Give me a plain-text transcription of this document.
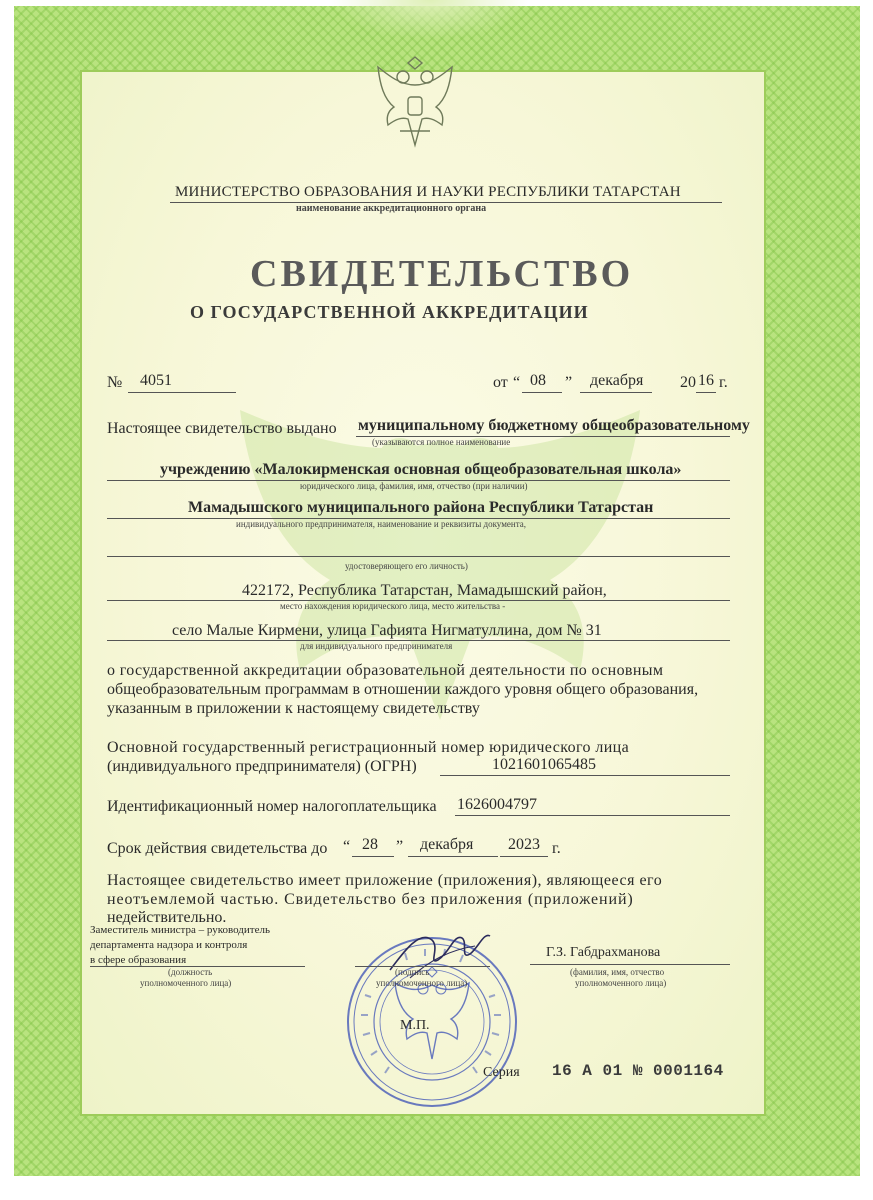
МИНИСТЕРСТВО ОБРАЗОВАНИЯ И НАУКИ РЕСПУБЛИКИ ТАТАРСТАН
наименование аккредитационного органа
СВИДЕТЕЛЬСТВО
О ГОСУДАРСТВЕННОЙ АККРЕДИТАЦИИ
№ 4051	от “ 08 ” декабря 20 16 г.
Настоящее свидетельство выдано муниципальному бюджетному общеобразовательному
(указываются полное наименование
учреждению «Малокирменская основная общеобразовательная школа»
юридического лица, фамилия, имя, отчество (при наличии)
Мамадышского муниципального района Республики Татарстан
индивидуального предпринимателя, наименование и реквизиты документа,
удостоверяющего его личность)
422172, Республика Татарстан, Мамадышский район,
место нахождения юридического лица, место жительства -
село Малые Кирмени, улица Гафията Нигматуллина, дом № 31
для индивидуального предпринимателя
о государственной аккредитации образовательной деятельности по основным
общеобразовательным программам в отношении каждого уровня общего образования,
указанным в приложении к настоящему свидетельству
Основной государственный регистрационный номер юридического лица
(индивидуального предпринимателя) (ОГРН)	1021601065485
Идентификационный номер налогоплательщика 1626004797
Срок действия свидетельства до “ 28 ” декабря 2023 г.
Настоящее свидетельство имеет приложение (приложения), являющееся его
неотъемлемой частью. Свидетельство без приложения (приложений)
недействительно.
Заместитель министра – руководитель
департамента надзора и контроля
в сфере образования
(должность
уполномоченного лица)
(подпись
уполномоченного лица)
Г.З. Габдрахманова
(фамилия, имя, отчество
уполномоченного лица)
М.П.
Серия 16 А 01 № 0001164
